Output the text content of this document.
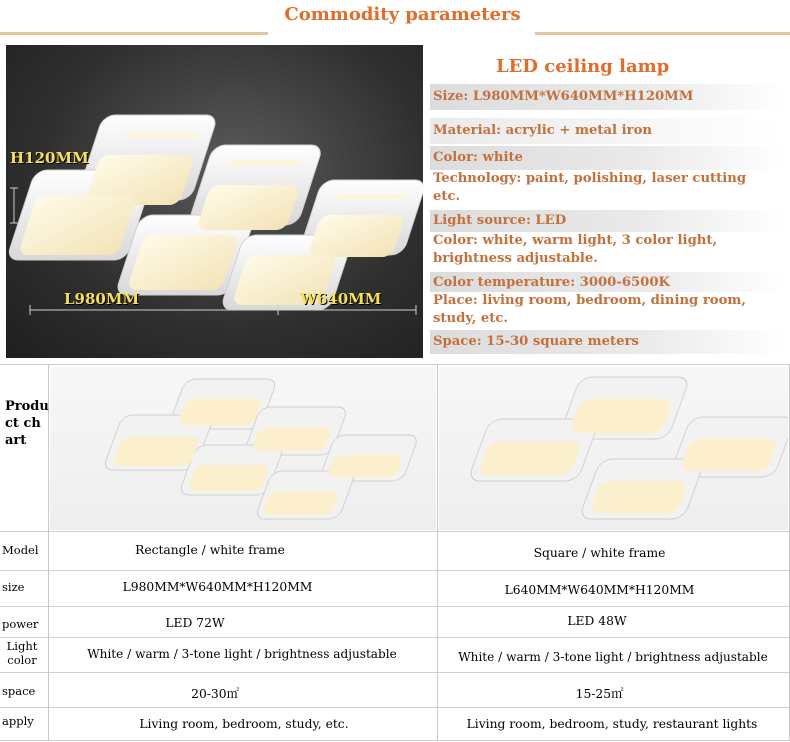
Commodity parameters
H120MM
L980MM	W640MM
LED ceiling lamp
Size: L980MM*W640MM*H120MM
Material: acrylic + metal iron
Color: white
Technology: paint, polishing, laser cutting
etc.
Light source: LED
Color: white, warm light, 3 color light,
brightness adjustable.
Color temperature: 3000-6500K
Place: living room, bedroom, dining room,
study, etc.
Space: 15-30 square meters
Product chart
Model	Rectangle / white frame	Square / white frame
size	L980MM*W640MM*H120MM	L640MM*W640MM*H120MM
power	LED 72W	LED 48W
Light color	White / warm / 3-tone light / brightness adjustable	White / warm / 3-tone light / brightness adjustable
space	20-30㎡	15-25㎡
apply	Living room, bedroom, study, etc.	Living room, bedroom, study, restaurant lights
